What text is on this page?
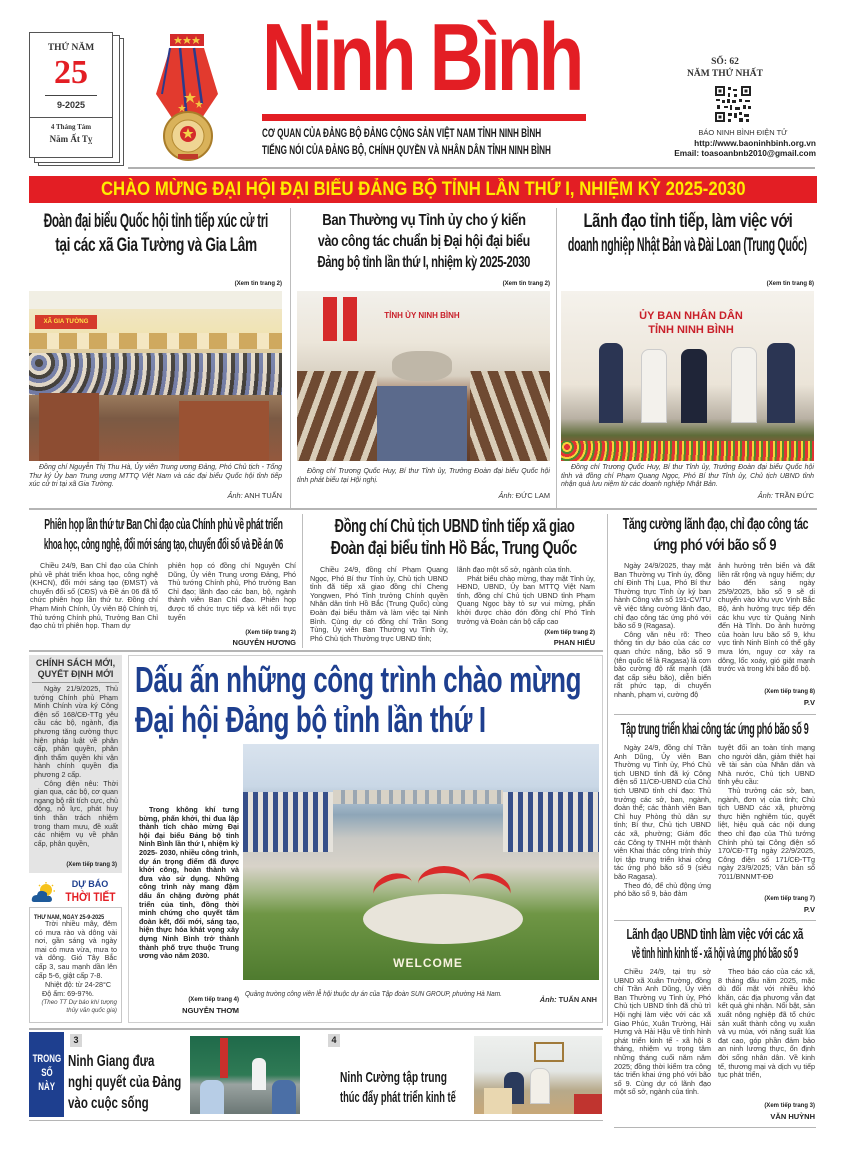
THỨ NĂM
25
9-2025
4 Tháng Tám
Năm Ất Tỵ
Ninh Bình
CƠ QUAN CỦA ĐẢNG BỘ ĐẢNG CỘNG SẢN VIỆT NAM TỈNH NINH BÌNH
TIẾNG NÓI CỦA ĐẢNG BỘ, CHÍNH QUYỀN VÀ NHÂN DÂN TỈNH NINH BÌNH
SỐ: 62
NĂM THỨ NHẤT
BÁO NINH BÌNH ĐIỆN TỬ
http://www.baoninhbinh.org.vn
Email: toasoanbnb2010@gmail.com
CHÀO MỪNG ĐẠI HỘI ĐẠI BIỂU ĐẢNG BỘ TỈNH LẦN THỨ I, NHIỆM KỲ 2025-2030
Đoàn đại biểu Quốc hội tỉnh tiếp xúc cử tri
tại các xã Gia Tường và Gia Lâm
(Xem tin trang 2)
XÃ GIA TƯỜNG
Đồng chí Nguyễn Thị Thu Hà, Ủy viên Trung ương Đảng, Phó Chủ tịch - Tổng Thư ký Ủy ban Trung ương MTTQ Việt Nam và các đại biểu Quốc hội tỉnh tiếp xúc cử tri tại xã Gia Tường.
Ảnh: ANH TUẤN
Ban Thường vụ Tỉnh ủy cho ý kiến
vào công tác chuẩn bị Đại hội đại biểu
Đảng bộ tỉnh lần thứ I, nhiệm kỳ 2025-2030
(Xem tin trang 2)
TỈNH ỦY NINH BÌNH
Đồng chí Trương Quốc Huy, Bí thư Tỉnh ủy, Trưởng Đoàn đại biểu Quốc hội tỉnh phát biểu tại Hội nghị.
Ảnh: ĐỨC LAM
Lãnh đạo tỉnh tiếp, làm việc với
doanh nghiệp Nhật Bản và Đài Loan (Trung Quốc)
(Xem tin trang 8)
ỦY BAN NHÂN DÂN
TỈNH NINH BÌNH
Đồng chí Trương Quốc Huy, Bí thư Tỉnh ủy, Trưởng Đoàn đại biểu Quốc hội tỉnh và đồng chí Phạm Quang Ngọc, Phó Bí thư Tỉnh ủy, Chủ tịch UBND tỉnh nhận quà lưu niệm từ các doanh nghiệp Nhật Bản.
Ảnh: TRẦN ĐỨC
Phiên họp lần thứ tư Ban Chỉ đạo của Chính phủ về phát triển
khoa học, công nghệ, đổi mới sáng tạo, chuyển đổi số và Đề án 06

Chiều 24/9, Ban Chỉ đạo của Chính phủ về phát triển khoa học, công nghệ (KHCN), đổi mới sáng tạo (ĐMST) và chuyển đổi số (CĐS) và Đề án 06 đã tổ chức phiên họp lần thứ tư. Đồng chí Phạm Minh Chính, Ủy viên Bộ Chính trị, Thủ tướng Chính phủ, Trưởng Ban Chỉ đạo chủ trì phiên họp. Tham dự

phiên họp có đồng chí Nguyễn Chí Dũng, Ủy viên Trung ương Đảng, Phó Thủ tướng Chính phủ, Phó trưởng Ban Chỉ đạo; lãnh đạo các ban, bộ, ngành thành viên Ban Chỉ đạo. Phiên họp được tổ chức trực tiếp và kết nối trực tuyến

(Xem tiếp trang 2)
NGUYỄN HƯƠNG
Đồng chí Chủ tịch UBND tỉnh tiếp xã giao
Đoàn đại biểu tỉnh Hồ Bắc, Trung Quốc

Chiều 24/9, đồng chí Phạm Quang Ngọc, Phó Bí thư Tỉnh ủy, Chủ tịch UBND tỉnh đã tiếp xã giao đồng chí Cheng Yongwen, Phó Tỉnh trưởng Chính quyền Nhân dân tỉnh Hồ Bắc (Trung Quốc) cùng Đoàn đại biểu thăm và làm việc tại Ninh Bình. Cùng dự có đồng chí Trần Song Tùng, Ủy viên Ban Thường vụ Tỉnh ủy, Phó Chủ tịch Thường trực UBND tỉnh;

lãnh đạo một số sở, ngành của tỉnh.

Phát biểu chào mừng, thay mặt Tỉnh ủy, HĐND, UBND, Ủy ban MTTQ Việt Nam tỉnh, đồng chí Chủ tịch UBND tỉnh Phạm Quang Ngọc bày tỏ sự vui mừng, phấn khởi được chào đón đồng chí Phó Tỉnh trưởng và Đoàn cán bộ cấp cao

(Xem tiếp trang 2)
PHAN HIẾU
Tăng cường lãnh đạo, chỉ đạo công tác
ứng phó với bão số 9

Ngày 24/9/2025, thay mặt Ban Thường vụ Tỉnh ủy, đồng chí Đinh Thị Lụa, Phó Bí thư Thường trực Tỉnh ủy ký ban hành Công văn số 191-CV/TU về việc tăng cường lãnh đạo, chỉ đạo công tác ứng phó với bão số 9 (Ragasa).

Công văn nêu rõ: Theo thông tin dự báo của các cơ quan chức năng, bão số 9 (tên quốc tế là Ragasa) là cơn bão cường độ rất mạnh (đã đạt cấp siêu bão), diễn biến rất phức tạp, di chuyển nhanh, phạm vi, cường độ

ảnh hưởng trên biển và đất liền rất rộng và nguy hiểm; dự báo đến sáng ngày 25/9/2025, bão số 9 sẽ di chuyển vào khu vực Vịnh Bắc Bộ, ảnh hưởng trực tiếp đến các khu vực từ Quảng Ninh đến Hà Tĩnh. Do ảnh hưởng của hoàn lưu bão số 9, khu vực tỉnh Ninh Bình có thể gây mưa lớn, nguy cơ xảy ra dông, lốc xoáy, gió giật mạnh trước và trong khi bão đổ bộ.

(Xem tiếp trang 8)
P.V
Tập trung triển khai công tác ứng phó bão số 9

Ngày 24/9, đồng chí Trần Anh Dũng, Ủy viên Ban Thường vụ Tỉnh ủy, Phó Chủ tịch UBND tỉnh đã ký Công điện số 11/CĐ-UBND của Chủ tịch UBND tỉnh chỉ đạo: Thủ trưởng các sở, ban, ngành, đoàn thể; các thành viên Ban Chỉ huy Phòng thủ dân sự tỉnh; Bí thư, Chủ tịch UBND các xã, phường; Giám đốc các Công ty TNHH một thành viên Khai thác công trình thủy lợi tập trung triển khai công tác ứng phó bão số 9 (siêu bão Ragasa).

Theo đó, để chủ động ứng phó bão số 9, bảo đảm

tuyệt đối an toàn tính mạng cho người dân, giảm thiệt hại về tài sản của Nhân dân và Nhà nước, Chủ tịch UBND tỉnh yêu cầu:

Thủ trưởng các sở, ban, ngành, đơn vị của tỉnh; Chủ tịch UBND các xã, phường thực hiện nghiêm túc, quyết liệt, hiệu quả các nội dung theo chỉ đạo của Thủ tướng Chính phủ tại Công điện số 170/CĐ-TTg ngày 22/9/2025, Công điện số 171/CĐ-TTg ngày 23/9/2025; Văn bản số 7011/BNNMT-ĐĐ

(Xem tiếp trang 7)
P.V
Lãnh đạo UBND tỉnh làm việc với các xã
về tình hình kinh tế - xã hội và ứng phó bão số 9

Chiều 24/9, tại trụ sở UBND xã Xuân Trường, đồng chí Trần Anh Dũng, Ủy viên Ban Thường vụ Tỉnh ủy, Phó Chủ tịch UBND tỉnh đã chủ trì Hội nghị làm việc với các xã Giao Phúc, Xuân Trường, Hải Hưng và Hải Hậu về tình hình phát triển kinh tế - xã hội 8 tháng, nhiệm vụ trọng tâm những tháng cuối năm năm 2025; đồng thời kiểm tra công tác triển khai ứng phó với bão số 9. Cùng dự có lãnh đạo một số sở, ngành của tỉnh.

Theo báo cáo của các xã, 8 tháng đầu năm 2025, mặc dù đối mặt với nhiều khó khăn, các địa phương vẫn đạt kết quả ghi nhận. Nổi bật, sản xuất nông nghiệp đã tổ chức sản xuất thành công vụ xuân và vụ mùa, với năng suất lúa đạt cao, góp phần đảm bảo an ninh lương thực, ổn định đời sống nhân dân. Về kinh tế, thương mại và dịch vụ tiếp tục phát triển,

(Xem tiếp trang 3)
VĂN HUỲNH
CHÍNH SÁCH MỚI,
QUYẾT ĐỊNH MỚI

Ngày 21/9/2025, Thủ tướng Chính phủ Phạm Minh Chính vừa ký Công điện số 168/CĐ-TTg yêu cầu các bộ, ngành, địa phương tăng cường thực hiện pháp luật về phân cấp, phân quyền, phân định thẩm quyền khi vận hành chính quyền địa phương 2 cấp.

Công điện nêu: Thời gian qua, các bộ, cơ quan ngang bộ rất tích cực, chủ động, nỗ lực, phát huy tinh thần trách nhiệm trong tham mưu, đề xuất các nhiệm vụ về phân cấp, phân quyền,

(Xem tiếp trang 3)
DỰ BÁO
THỜI TIẾT
THỨ NĂM, NGÀY 25-9-2025

Trời nhiều mây, đêm có mưa rào và dông vài nơi, gần sáng và ngày mai có mưa vừa, mưa to và dông. Gió Tây Bắc cấp 3, sau mạnh dần lên cấp 5-6, giật cấp 7-8.

Nhiệt độ: từ 24-28°C
Độ ẩm: 69-97%.
(Theo TT Dự báo khí tượng thủy văn quốc gia)
Dấu ấn những công trình chào mừng
Đại hội Đảng bộ tỉnh lần thứ I

Trong không khí tưng bừng, phấn khởi, thi đua lập thành tích chào mừng Đại hội đại biểu Đảng bộ tỉnh Ninh Bình lần thứ I, nhiệm kỳ 2025- 2030, nhiều công trình, dự án trọng điểm đã được khởi công, hoàn thành và đưa vào sử dụng. Những công trình này mang đậm dấu ấn chặng đường phát triển của tỉnh, đồng thời minh chứng cho quyết tâm đoàn kết, đổi mới, sáng tạo, hiện thực hóa khát vọng xây dựng Ninh Bình trở thành thành phố trực thuộc Trung ương vào năm 2030.

(Xem tiếp trang 4)
NGUYỄN THƠM
WELCOME
Quảng trường công viên lễ hội thuộc dự án của Tập đoàn SUN GROUP, phường Hà Nam.
Ảnh: TUẤN ANH
TRONG
SỐ
NÀY
3
Ninh Giang đưa
nghị quyết của Đảng
vào cuộc sống
4
Ninh Cường tập trung
thúc đẩy phát triển kinh tế
